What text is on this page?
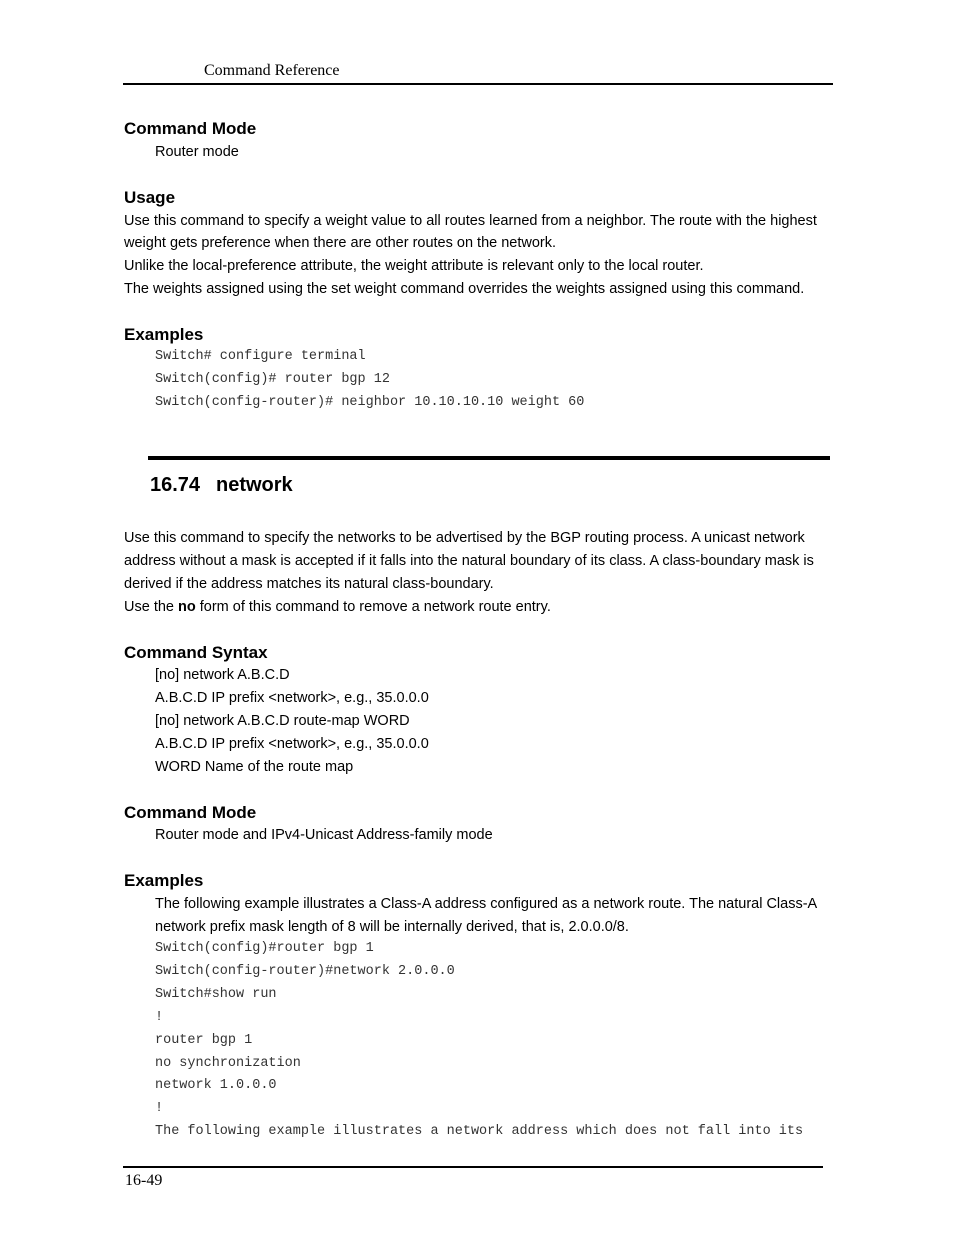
Command Reference
Command Mode
Router mode
Usage
Use this command to specify a weight value to all routes learned from a neighbor. The route with the highest
weight gets preference when there are other routes on the network.
Unlike the local-preference attribute, the weight attribute is relevant only to the local router.
The weights assigned using the set weight command overrides the weights assigned using this command.
Examples
Switch# configure terminal
Switch(config)# router bgp 12
Switch(config-router)# neighbor 10.10.10.10 weight 60
16.74 network
Use this command to specify the networks to be advertised by the BGP routing process. A unicast network
address without a mask is accepted if it falls into the natural boundary of its class. A class-boundary mask is
derived if the address matches its natural class-boundary.
Use the no form of this command to remove a network route entry.
Command Syntax
[no] network A.B.C.D
A.B.C.D IP prefix <network>, e.g., 35.0.0.0
[no] network A.B.C.D route-map WORD
A.B.C.D IP prefix <network>, e.g., 35.0.0.0
WORD Name of the route map
Command Mode
Router mode and IPv4-Unicast Address-family mode
Examples
The following example illustrates a Class-A address configured as a network route. The natural Class-A
network prefix mask length of 8 will be internally derived, that is, 2.0.0.0/8.
Switch(config)#router bgp 1
Switch(config-router)#network 2.0.0.0
Switch#show run
!
router bgp 1
no synchronization
network 1.0.0.0
!
The following example illustrates a network address which does not fall into its
16-49
